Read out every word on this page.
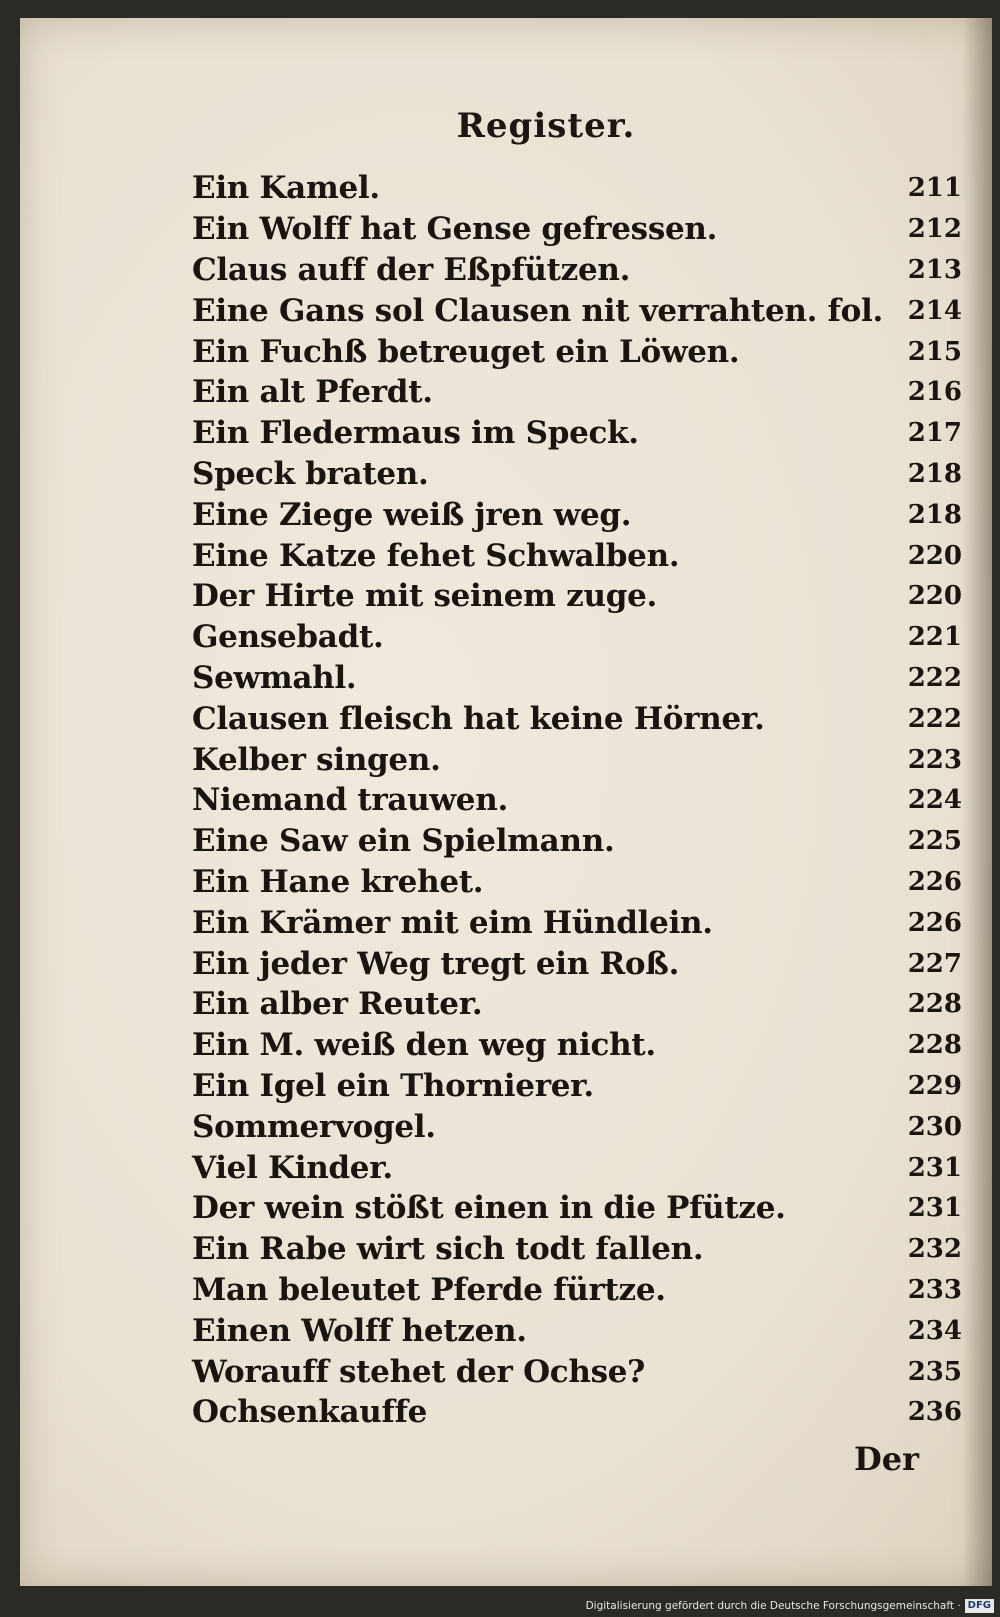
Register.
Ein Kamel.	211
Ein Wolff hat Gense gefressen.	212
Claus auff der Eßpfützen.	213
Eine Gans sol Clausen nit verrahten. fol. 214
Ein Fuchß betreuget ein Löwen.	215
Ein alt Pferdt.	216
Ein Fledermaus im Speck.	217
Speck braten.	218
Eine Ziege weiß jren weg.	218
Eine Katze fehet Schwalben.	220
Der Hirte mit seinem zuge.	220
Gensebadt.	221
Sewmahl.	222
Clausen fleisch hat keine Hörner.	222
Kelber singen.	223
Niemand trauwen.	224
Eine Saw ein Spielmann.	225
Ein Hane krehet.	226
Ein Krämer mit eim Hündlein.	226
Ein jeder Weg tregt ein Roß.	227
Ein alber Reuter.	228
Ein M. weiß den weg nicht.	228
Ein Igel ein Thornierer.	229
Sommervogel.	230
Viel Kinder.	231
Der wein stößt einen in die Pfütze.	231
Ein Rabe wirt sich todt fallen.	232
Man beleutet Pferde fürtze.	233
Einen Wolff hetzen.	234
Worauff stehet der Ochse?	235
Ochsenkauffe	236
Der
Digitalisierung gefördert durch die Deutsche Forschungsgemeinschaft · DFG
